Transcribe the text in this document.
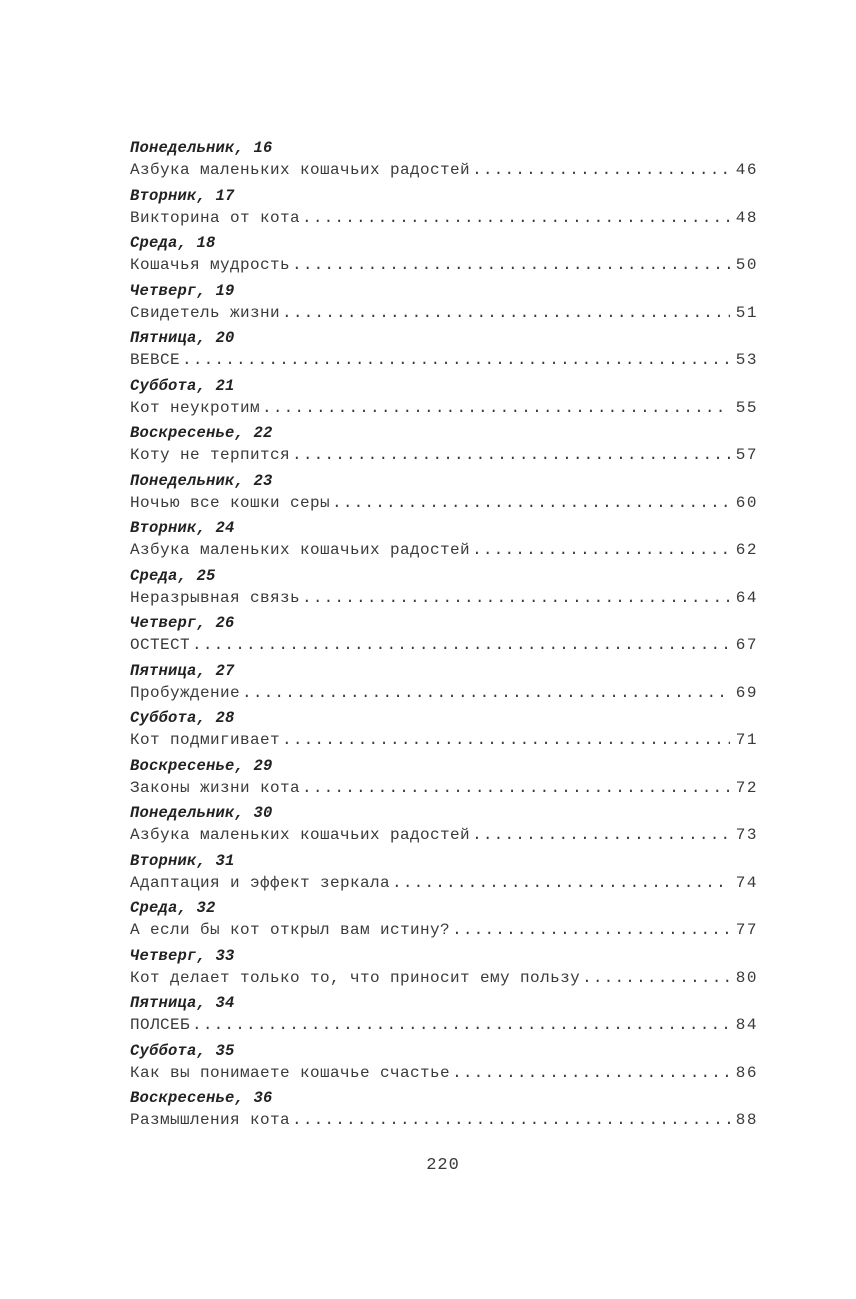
Понедельник, 16
Азбука маленьких кошачьих радостей .....	46
Вторник, 17
Викторина от кота .....	48
Среда, 18
Кошачья мудрость .....	50
Четверг, 19
Свидетель жизни .....	51
Пятница, 20
ВЕВСЕ .....	53
Суббота, 21
Кот неукротим .....	55
Воскресенье, 22
Коту не терпится .....	57
Понедельник, 23
Ночью все кошки серы .....	60
Вторник, 24
Азбука маленьких кошачьих радостей .....	62
Среда, 25
Неразрывная связь .....	64
Четверг, 26
ОСТЕСТ .....	67
Пятница, 27
Пробуждение .....	69
Суббота, 28
Кот подмигивает .....	71
Воскресенье, 29
Законы жизни кота .....	72
Понедельник, 30
Азбука маленьких кошачьих радостей .....	73
Вторник, 31
Адаптация и эффект зеркала .....	74
Среда, 32
А если бы кот открыл вам истину? .....	77
Четверг, 33
Кот делает только то, что приносит ему пользу .....	80
Пятница, 34
ПОЛСЕБ .....	84
Суббота, 35
Как вы понимаете кошачье счастье .....	86
Воскресенье, 36
Размышления кота .....	88
220
